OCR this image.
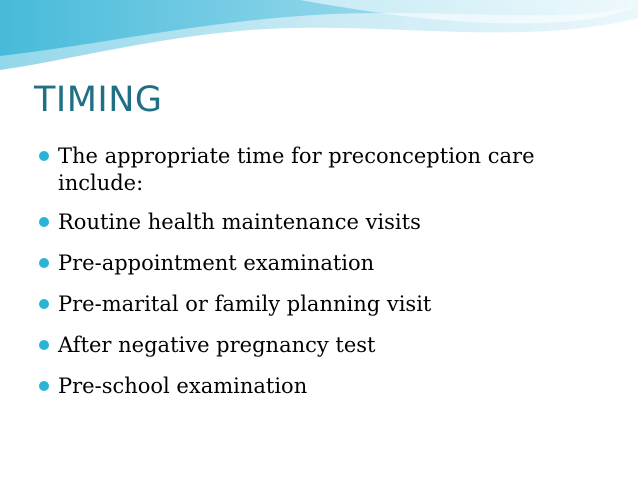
TIMING
The appropriate time for preconception care include:
Routine health maintenance visits
Pre-appointment examination
Pre-marital or family planning visit
After negative pregnancy test
Pre-school examination
